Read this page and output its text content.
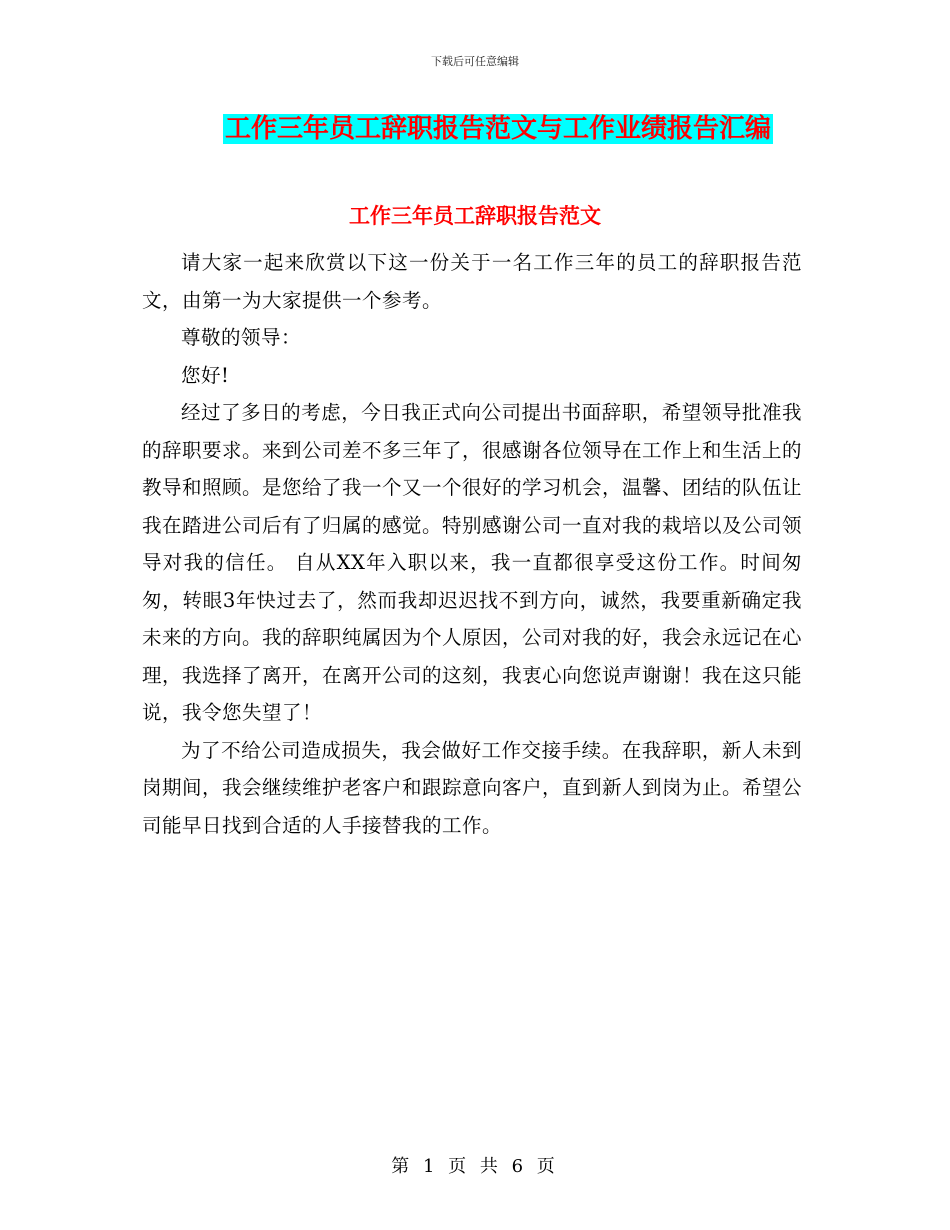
下载后可任意编辑
工作三年员工辞职报告范文与工作业绩报告汇编
工作三年员工辞职报告范文

请大家一起来欣赏以下这一份关于一名工作三年的员工的辞职报告范文，由第一为大家提供一个参考。

尊敬的领导：

您好!

经过了多日的考虑，今日我正式向公司提出书面辞职，希望领导批准我的辞职要求。来到公司差不多三年了，很感谢各位领导在工作上和生活上的教导和照顾。是您给了我一个又一个很好的学习机会，温馨、团结的队伍让我在踏进公司后有了归属的感觉。特别感谢公司一直对我的栽培以及公司领导对我的信任。 自从XX年入职以来，我一直都很享受这份工作。时间匆匆，转眼3年快过去了，然而我却迟迟找不到方向，诚然，我要重新确定我未来的方向。我的辞职纯属因为个人原因，公司对我的好，我会永远记在心理，我选择了离开，在离开公司的这刻，我衷心向您说声谢谢！我在这只能说，我令您失望了！

为了不给公司造成损失，我会做好工作交接手续。在我辞职，新人未到岗期间，我会继续维护老客户和跟踪意向客户，直到新人到岗为止。希望公司能早日找到合适的人手接替我的工作。

第 1 页 共 6 页
